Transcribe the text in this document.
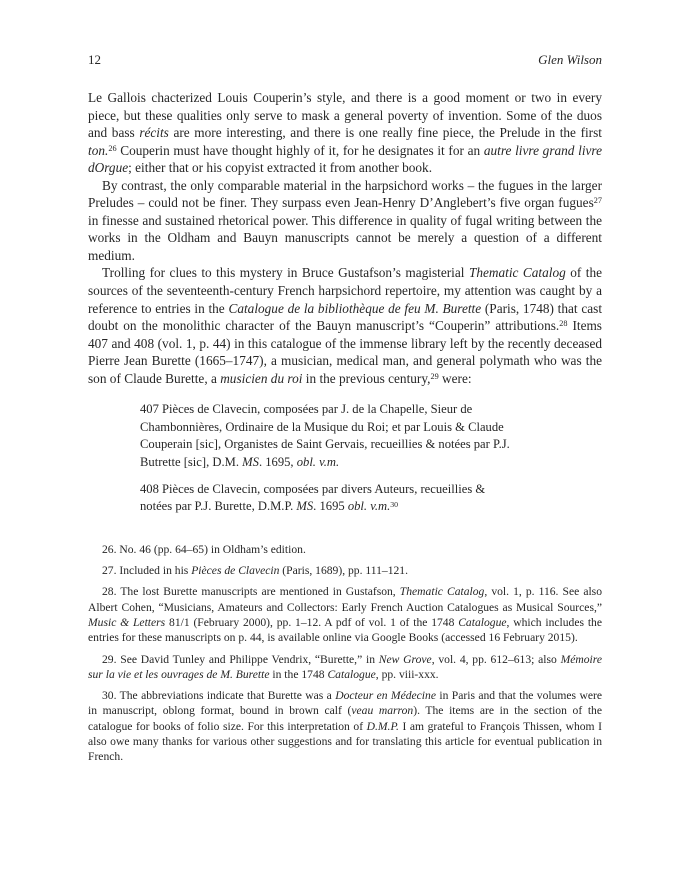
12	Glen Wilson

Le Gallois chacterized Louis Couperin’s style, and there is a good moment or two in every piece, but these qualities only serve to mask a general poverty of invention. Some of the duos and bass récits are more interesting, and there is one really fine piece, the Prelude in the first ton.$^{26}$ Couperin must have thought highly of it, for he designates it for an autre livre grand livre dOrgue; either that or his copyist extracted it from another book.

By contrast, the only comparable material in the harpsichord works – the fugues in the larger Preludes – could not be finer. They surpass even Jean-Henry D’Anglebert’s five organ fugues$^{27}$ in finesse and sustained rhetorical power. This difference in quality of fugal writing between the works in the Oldham and Bauyn manuscripts cannot be merely a question of a different medium.

Trolling for clues to this mystery in Bruce Gustafson’s magisterial Thematic Catalog of the sources of the seventeenth-century French harpsichord repertoire, my attention was caught by a reference to entries in the Catalogue de la bibliothèque de feu M. Burette (Paris, 1748) that cast doubt on the monolithic character of the Bauyn manuscript’s “Couperin” attributions.$^{28}$ Items 407 and 408 (vol. 1, p. 44) in this catalogue of the immense library left by the recently deceased Pierre Jean Burette (1665–1747), a musician, medical man, and general polymath who was the son of Claude Burette, a musicien du roi in the previous century,$^{29}$ were:

407 Pièces de Clavecin, composées par J. de la Chapelle, Sieur de Chambonnières, Ordinaire de la Musique du Roi; et par Louis & Claude Couperain [sic], Organistes de Saint Gervais, recueillies & notées par P.J. Butrette [sic], D.M. MS. 1695, obl. v.m.

408 Pièces de Clavecin, composées par divers Auteurs, recueillies & notées par P.J. Burette, D.M.P. MS. 1695 obl. v.m.$^{30}$

26. No. 46 (pp. 64–65) in Oldham’s edition.

27. Included in his Pièces de Clavecin (Paris, 1689), pp. 111–121.

28. The lost Burette manuscripts are mentioned in Gustafson, Thematic Catalog, vol. 1, p. 116. See also Albert Cohen, “Musicians, Amateurs and Collectors: Early French Auction Catalogues as Musical Sources,” Music & Letters 81/1 (February 2000), pp. 1–12. A pdf of vol. 1 of the 1748 Catalogue, which includes the entries for these manuscripts on p. 44, is available online via Google Books (accessed 16 February 2015).

29. See David Tunley and Philippe Vendrix, “Burette,” in New Grove, vol. 4, pp. 612–613; also Mémoire sur la vie et les ouvrages de M. Burette in the 1748 Catalogue, pp. viii-xxx.

30. The abbreviations indicate that Burette was a Docteur en Médecine in Paris and that the volumes were in manuscript, oblong format, bound in brown calf (veau marron). The items are in the section of the catalogue for books of folio size. For this interpretation of D.M.P. I am grateful to François Thissen, whom I also owe many thanks for various other suggestions and for translating this article for eventual publication in French.
